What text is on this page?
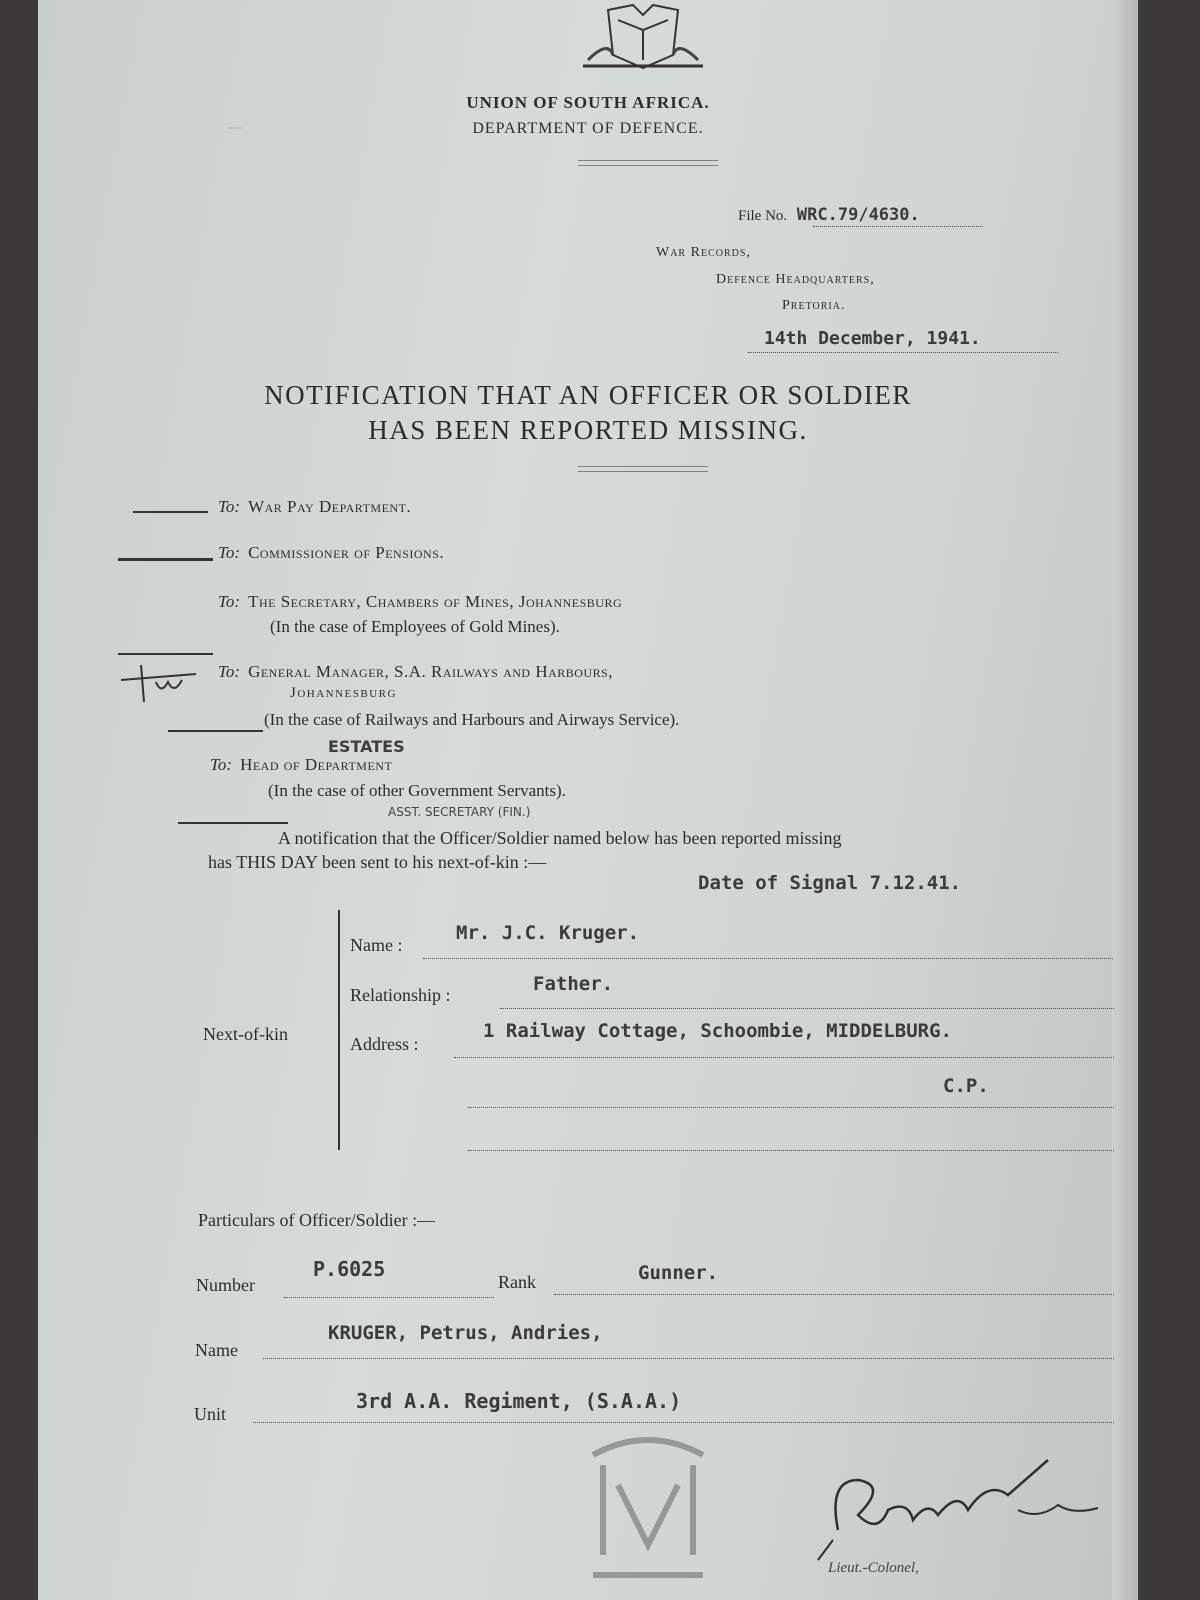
UNION OF SOUTH AFRICA.
DEPARTMENT OF DEFENCE.
—
File No. WRC.79/4630.
War Records,
Defence Headquarters,
Pretoria.
14th December, 1941.
NOTIFICATION THAT AN OFFICER OR SOLDIER
HAS BEEN REPORTED MISSING.
To: War Pay Department.
To: Commissioner of Pensions.
To: The Secretary, Chambers of Mines, Johannesburg
(In the case of Employees of Gold Mines).
To: General Manager, S.A. Railways and Harbours,
Johannesburg
(In the case of Railways and Harbours and Airways Service).
ESTATES
To: Head of Department
(In the case of other Government Servants).
ASST. SECRETARY (FIN.)
A notification that the Officer/Soldier named below has been reported missing
has THIS DAY been sent to his next-of-kin :—
Date of Signal 7.12.41.
Next-of-kin
Name :
Mr. J.C. Kruger.
Relationship :	Father.
Address :
1 Railway Cottage, Schoombie, MIDDELBURG.
C.P.
Particulars of Officer/Soldier :—
Number
P.6025
Rank	Gunner.
Name
KRUGER, Petrus, Andries,
Unit
3rd A.A. Regiment, (S.A.A.)
Lieut.-Colonel,
